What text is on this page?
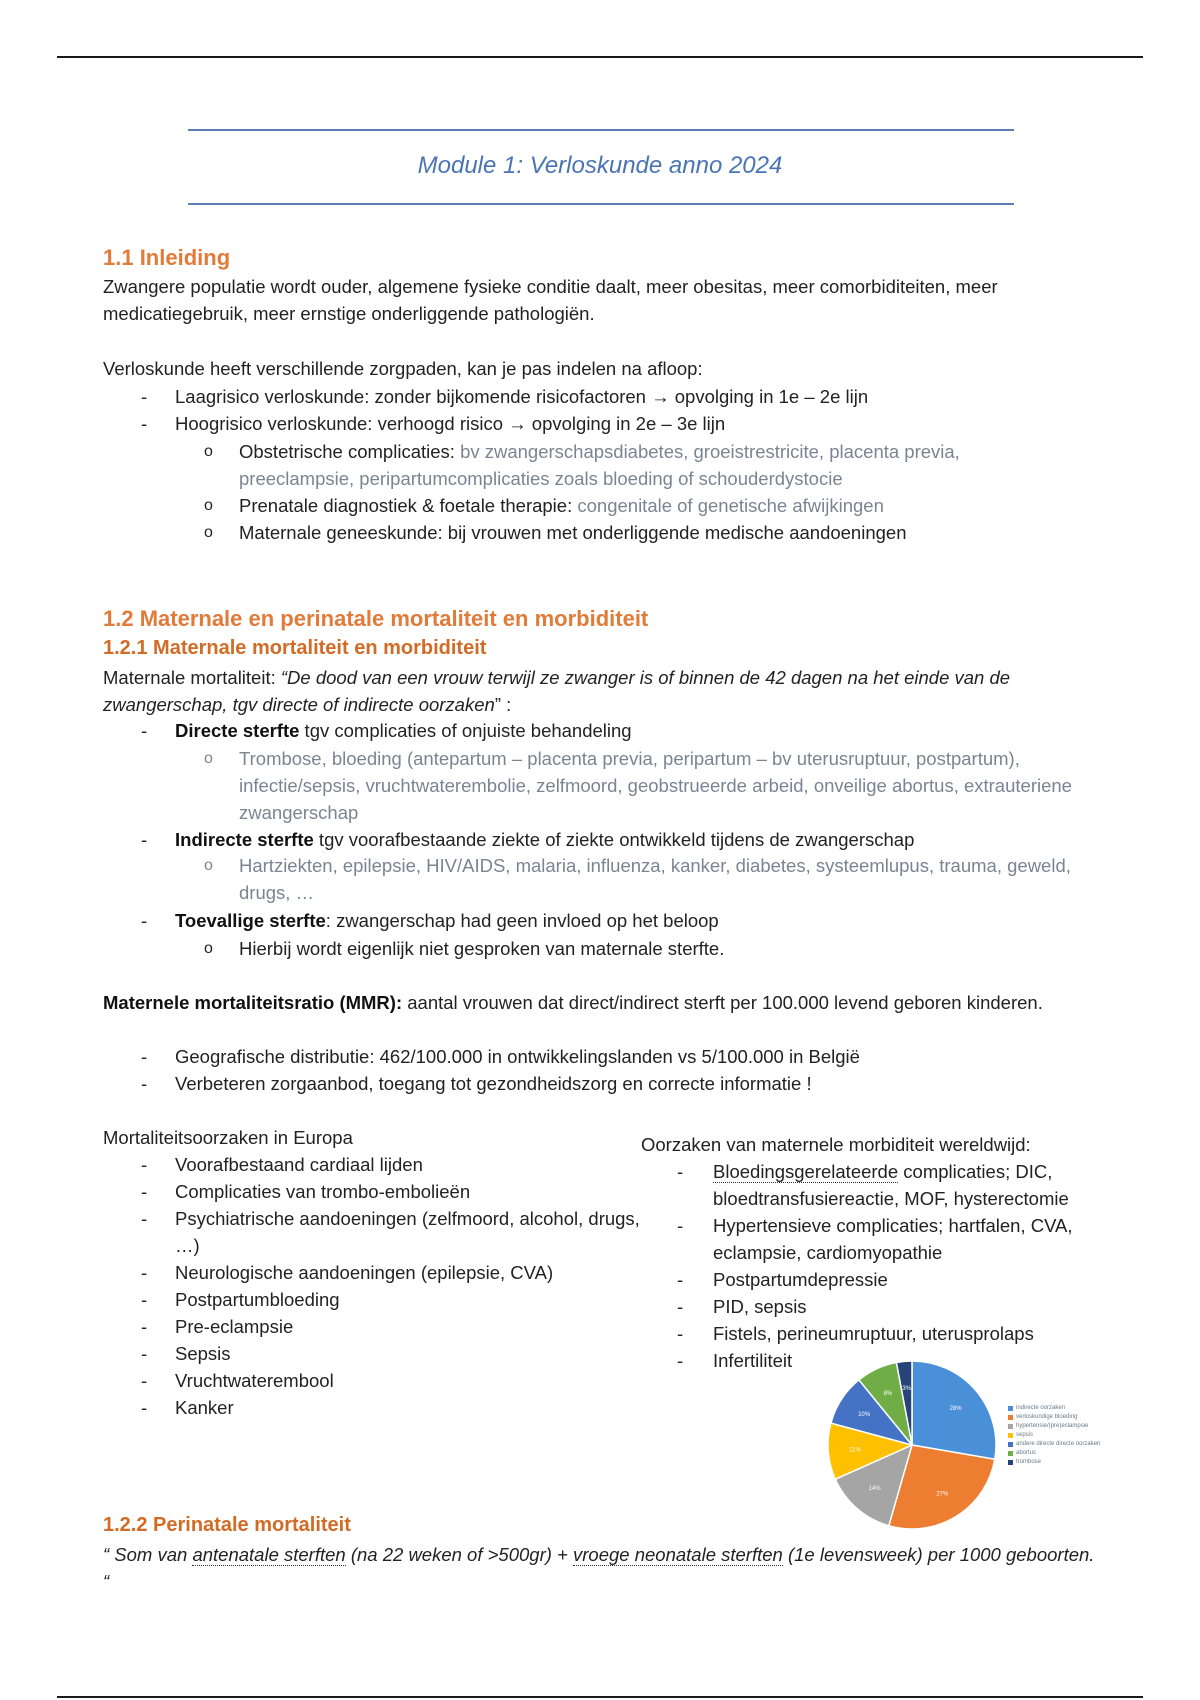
Module 1: Verloskunde anno 2024
1.1 Inleiding
Zwangere populatie wordt ouder, algemene fysieke conditie daalt, meer obesitas, meer comorbiditeiten, meer medicatiegebruik, meer ernstige onderliggende pathologiën.
Verloskunde heeft verschillende zorgpaden, kan je pas indelen na afloop:
- Laagrisico verloskunde: zonder bijkomende risicofactoren → opvolging in 1e – 2e lijn
- Hoogrisico verloskunde: verhoogd risico → opvolging in 2e – 3e lijn
o Obstetrische complicaties: bv zwangerschapsdiabetes, groeistrestricite, placenta previa, preeclampsie, peripartumcomplicaties zoals bloeding of schouderdystocie
o Prenatale diagnostiek & foetale therapie: congenitale of genetische afwijkingen
o Maternale geneeskunde: bij vrouwen met onderliggende medische aandoeningen
1.2 Maternale en perinatale mortaliteit en morbiditeit
1.2.1 Maternale mortaliteit en morbiditeit
Maternale mortaliteit: “De dood van een vrouw terwijl ze zwanger is of binnen de 42 dagen na het einde van de zwangerschap, tgv directe of indirecte oorzaken” :
- Directe sterfte tgv complicaties of onjuiste behandeling
o Trombose, bloeding (antepartum – placenta previa, peripartum – bv uterusruptuur, postpartum), infectie/sepsis, vruchtwaterembolie, zelfmoord, geobstrueerde arbeid, onveilige abortus, extrauteriene zwangerschap
- Indirecte sterfte tgv voorafbestaande ziekte of ziekte ontwikkeld tijdens de zwangerschap
o Hartziekten, epilepsie, HIV/AIDS, malaria, influenza, kanker, diabetes, systeemlupus, trauma, geweld, drugs, …
- Toevallige sterfte: zwangerschap had geen invloed op het beloop
o Hierbij wordt eigenlijk niet gesproken van maternale sterfte.
Maternele mortaliteitsratio (MMR): aantal vrouwen dat direct/indirect sterft per 100.000 levend geboren kinderen.
- Geografische distributie: 462/100.000 in ontwikkelingslanden vs 5/100.000 in België
- Verbeteren zorgaanbod, toegang tot gezondheidszorg en correcte informatie !
Mortaliteitsoorzaken in Europa
- Voorafbestaand cardiaal lijden
- Complicaties van trombo-embolieën
- Psychiatrische aandoeningen (zelfmoord, alcohol, drugs, …)
- Neurologische aandoeningen (epilepsie, CVA)
- Postpartumbloeding
- Pre-eclampsie
- Sepsis
- Vruchtwaterembool
- Kanker
Oorzaken van maternele morbiditeit wereldwijd:
- Bloedingsgerelateerde complicaties; DIC, bloedtransfusiereactie, MOF, hysterectomie
- Hypertensieve complicaties; hartfalen, CVA, eclampsie, cardiomyopathie
- Postpartumdepressie
- PID, sepsis
- Fistels, perineumruptuur, uterusprolaps
- Infertiliteit
28%
27%
14%
11%
10%
8%
3%
indirecte oorzaken
verloskundige bloeding
hypertensie/(pre)eclampsie
sepsis
andere directe directe oorzaken
abortus
trombose
1.2.2 Perinatale mortaliteit
“ Som van antenatale sterften (na 22 weken of >500gr) + vroege neonatale sterften (1e levensweek) per 1000 geboorten. “
